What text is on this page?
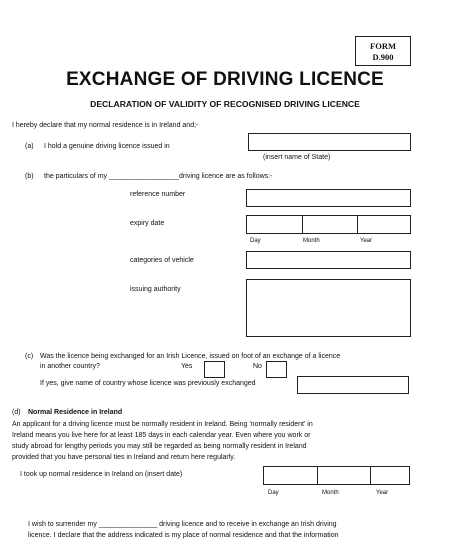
FORM
D.900
EXCHANGE OF DRIVING LICENCE
DECLARATION OF VALIDITY OF RECOGNISED DRIVING LICENCE
I hereby declare that my normal residence is in Ireland and;-
(a) I hold a genuine driving licence issued in
(insert name of State)
(b) the particulars of my __________________driving licence are as follows:-
reference number
expiry date
Day	Month	Year
categories of vehicle
issuing authority
(c) Was the licence being exchanged for an Irish Licence, issued on foot of an exchange of a licence
in another country?	Yes	No
If yes, give name of country whose licence was previously exchanged
(d) Normal Residence in Ireland
An applicant for a driving licence must be normally resident in Ireland. Being 'normally resident' in
Ireland means you live here for at least 185 days in each calendar year. Even where you work or
study abroad for lengthy periods you may still be regarded as being normally resident in Ireland
provided that you have personal ties in Ireland and return here regularly.
I took up normal residence in Ireland on (insert date)
Day	Month	Year
I wish to surrender my _______________ driving licence and to receive in exchange an Irish driving
licence. I declare that the address indicated is my place of normal residence and that the information
